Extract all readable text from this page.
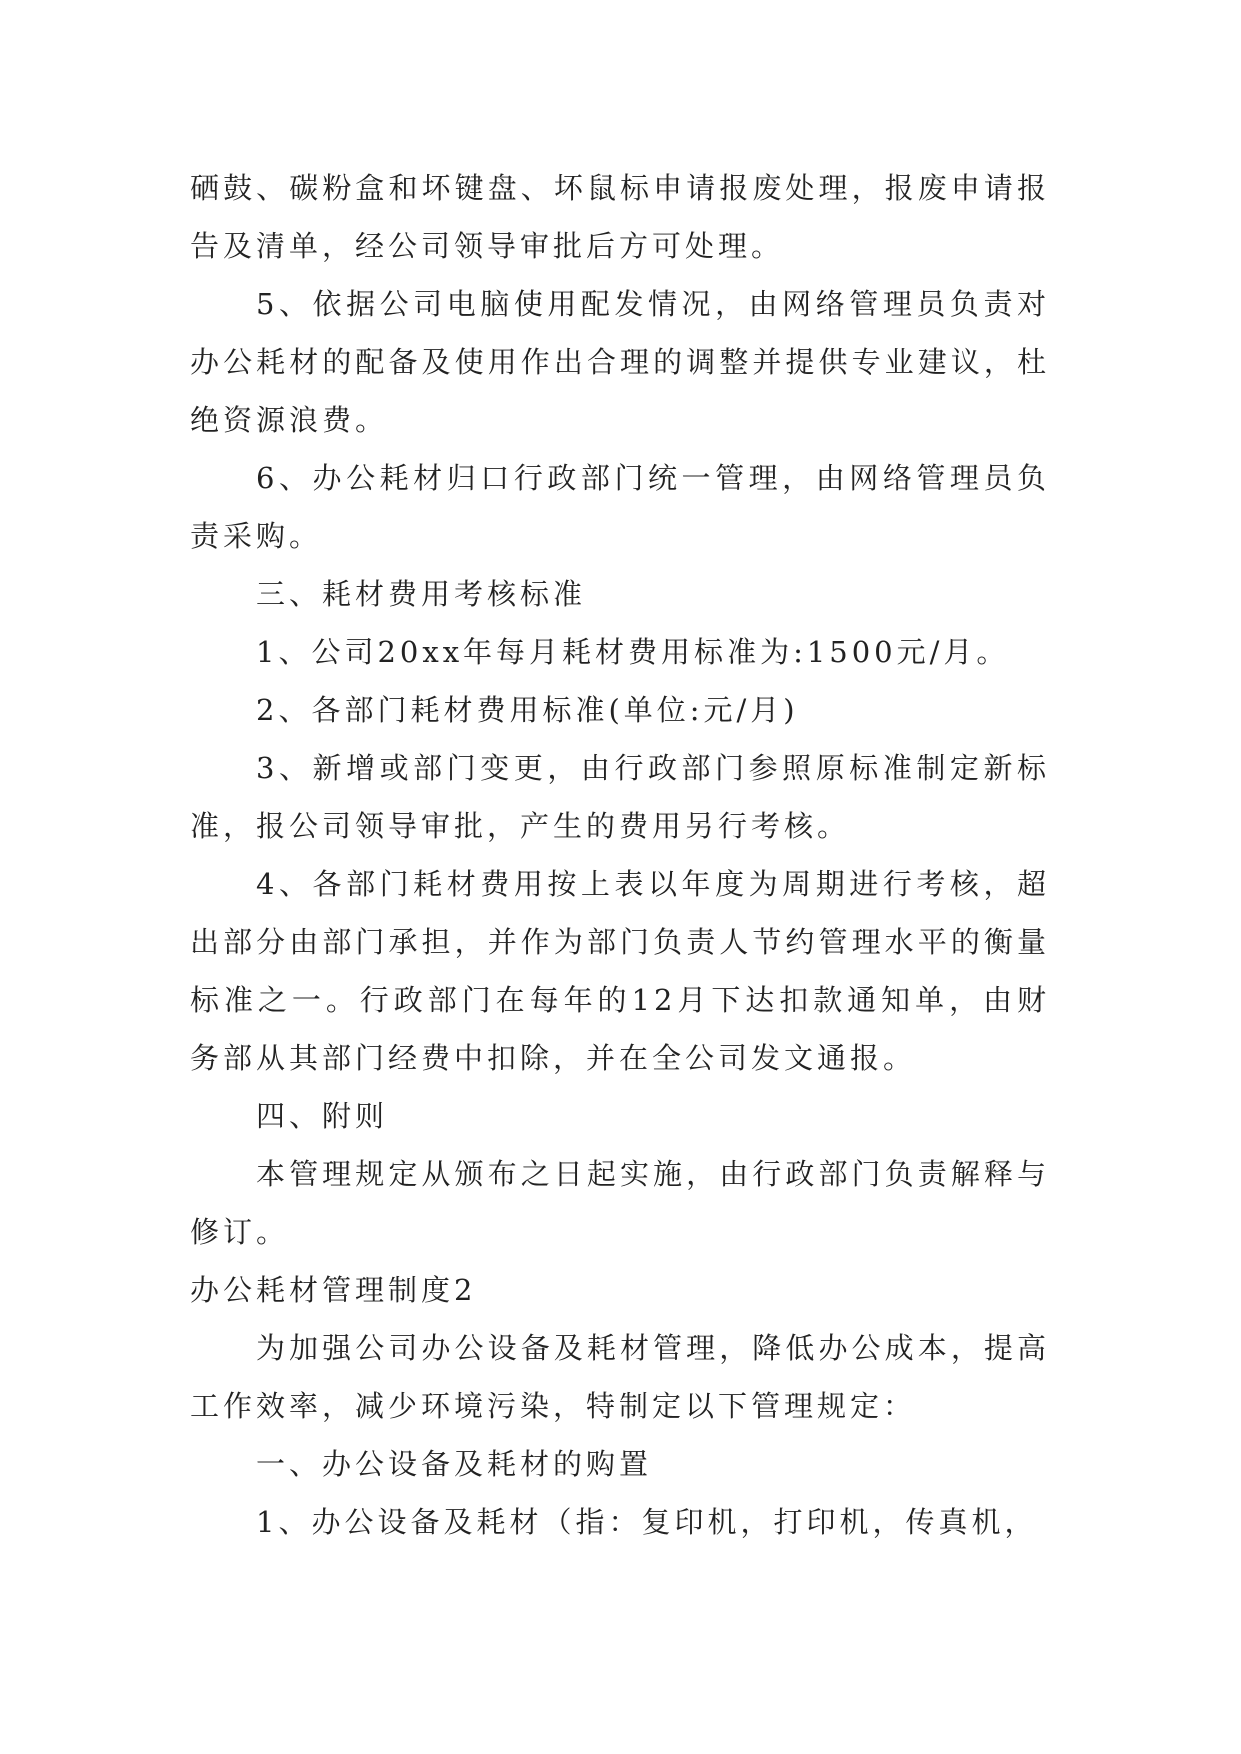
硒鼓、碳粉盒和坏键盘、坏鼠标申请报废处理，报废申请报告及清单，经公司领导审批后方可处理。

5、依据公司电脑使用配发情况，由网络管理员负责对办公耗材的配备及使用作出合理的调整并提供专业建议，杜绝资源浪费。

6、办公耗材归口行政部门统一管理，由网络管理员负责采购。

三、耗材费用考核标准

1、公司20xx年每月耗材费用标准为:1500元/月。

2、各部门耗材费用标准(单位:元/月)

3、新增或部门变更，由行政部门参照原标准制定新标准，报公司领导审批，产生的费用另行考核。

4、各部门耗材费用按上表以年度为周期进行考核，超出部分由部门承担，并作为部门负责人节约管理水平的衡量标准之一。行政部门在每年的12月下达扣款通知单，由财务部从其部门经费中扣除，并在全公司发文通报。

四、附则

本管理规定从颁布之日起实施，由行政部门负责解释与修订。

办公耗材管理制度2

为加强公司办公设备及耗材管理，降低办公成本，提高工作效率，减少环境污染，特制定以下管理规定：

一、办公设备及耗材的购置

1、办公设备及耗材（指：复印机，打印机，传真机，
